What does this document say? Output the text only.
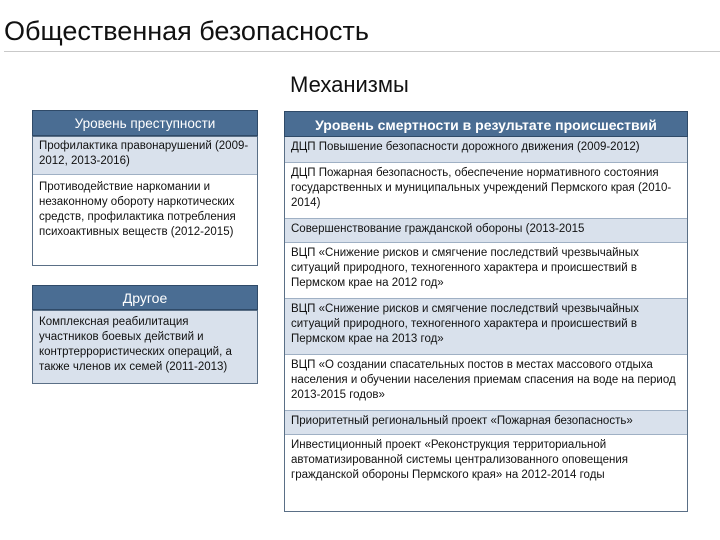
Общественная безопасность
Механизмы
Уровень преступности
Профилактика правонарушений (2009-2012, 2013-2016)
Противодействие наркомании и незаконному обороту наркотических средств, профилактика потребления психоактивных веществ (2012-2015)
Другое
Комплексная реабилитация участников боевых действий и контртеррористических операций, а также членов их семей (2011-2013)
Уровень смертности в результате происшествий
ДЦП Повышение безопасности дорожного движения (2009-2012)
ДЦП Пожарная безопасность, обеспечение нормативного состояния государственных и муниципальных учреждений Пермского края (2010-2014)
Совершенствование гражданской обороны (2013-2015
ВЦП «Снижение рисков и смягчение последствий чрезвычайных ситуаций природного, техногенного характера и происшествий в Пермском крае на 2012 год»
ВЦП «Снижение рисков и смягчение последствий чрезвычайных ситуаций природного, техногенного характера и происшествий в Пермском крае на 2013 год»
ВЦП «О создании спасательных постов в местах массового отдыха населения и обучении населения приемам спасения на воде на период 2013-2015 годов»
Приоритетный региональный проект «Пожарная безопасность»
Инвестиционный проект «Реконструкция территориальной автоматизированной системы централизованного оповещения гражданской обороны Пермского края» на 2012-2014 годы
